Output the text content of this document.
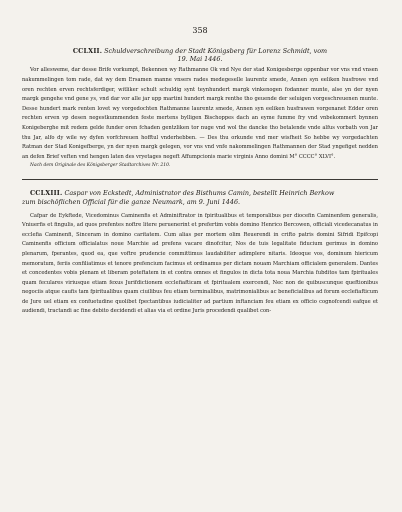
358
CCLXII. Schuldverschreibung der Stadt Königsberg für Lorenz Schmidt, vom
19. Mai 1446.

Vor allesweme, dar desse Brife vorkumpt, Bekennen wy Rathmanne Ok vnd Nye der stad Konigesberge oppenbar vor vns vnd vnsen nakummelingen tom rade, dat wy dem Ersamen manne vnsers rades medegeselle laurentz smede, Annen syn eeliken husfrowe vnd oren rechten erven rechtsferdiger, witliker schult schuldig synt teynhundert margk vinkenogen fodanner munte, alse yn der nyen margk gengehe vnd gene ys, vnd dar vor alle jar upp martini hundert margk renthe tho geuende der seluigen vorgeschreuenen munte. Desse hundert mark renten lovet wy vorgedochten Rathmanne laurentz smede, Annen syn eeliken husfrawen vorgenanet Edder oren rechten erven vp desen negestkummenden feste mertens bylligen Bischoppes dach an eyme fumme fry vnd vnbekommert bynnen Konigeberghe mit redem gelde funder oren fchaden gentzliken tor nuge vnd wol the dancke tho betalende vnde alfus vorbath von Jar thu Jar, alfo dy wile wy dyfen vorfchreuen hofftul vnderhebben. — Des thu orkunde vnd mer wisfheit So hebbe wy vorgedachten Ratman der Stad Konigefberge, yn der nyen margk gelegen, vor vns vnd vnfe nakommelingen Rathmannen der Stad yngefiget nedden an defen Brief veften vnd hengen laten des vryetages negeft Affumpcionis marie virginis Anno domini M° CCCC° XLVI°.

Nach dem Originale des Königsberger Stadtarchives Nr. 210.
CCLXIII. Caspar von Eckstedt, Administrator des Bisthums Camin, bestellt Heinrich Berkow
zum bischöflichen Official für die ganze Neumark, am 9. Juni 1446.

Cafpar de Eykftede, Vicedominus Caminenfis et Adminiftrator in fpiritualibus et temporalibus per diocefin Caminenfem generalis, Vniuerfis et fingulis, ad quos prefentes noftre litere peruenerint et prefertim vobis domino Henrico Bercowen, officiali vicedecanatus in ecclefia Caminenfi, Sinceram in domino caritatem. Cum alias per mortem olim Reuerendi in crifto patris domini Sifridi Epifcopi Caminenfis officium officialatus noue Marchie ad prefens vacare dinofcitur, Nos de tuis legalitate fiducium gerimus in domino plenarum, fperantes, quod ea, que voftre prudencie committimus laudabiliter adimplere nitaris. Ideoque vos, dominum hiericum memoratum, feriis confiliatimus et tenore prefencium facimus et ordinamus per dictam nouam Marchiam officialem generalem. Dantes et concedentes vobis plenam et liberam poteftatem in et contra omnes et fingulos in dicta tota noua Marchia fubditos tam fpirituales quam feculares viriusque etiam fexus Jurifdictionem ecclefiafticam et fpiritualem exercendi, Nec non de quibuscunque queftionibus negociis atque caufis tam fpiritualibus quam ciuilibus feu etiam terminalibus, matrimonialibus ac beneficialibus ad forum ecclefiafticum de Jure uel etiam ex confuetudine quolibet fpectantibus iudicialiter ad partium inftanciam feu etiam ex officio cognofcendi eafque et audiendi, tractandi ac fine debito decidendi et alias via et ordine Juris procedendi qualibet con-
